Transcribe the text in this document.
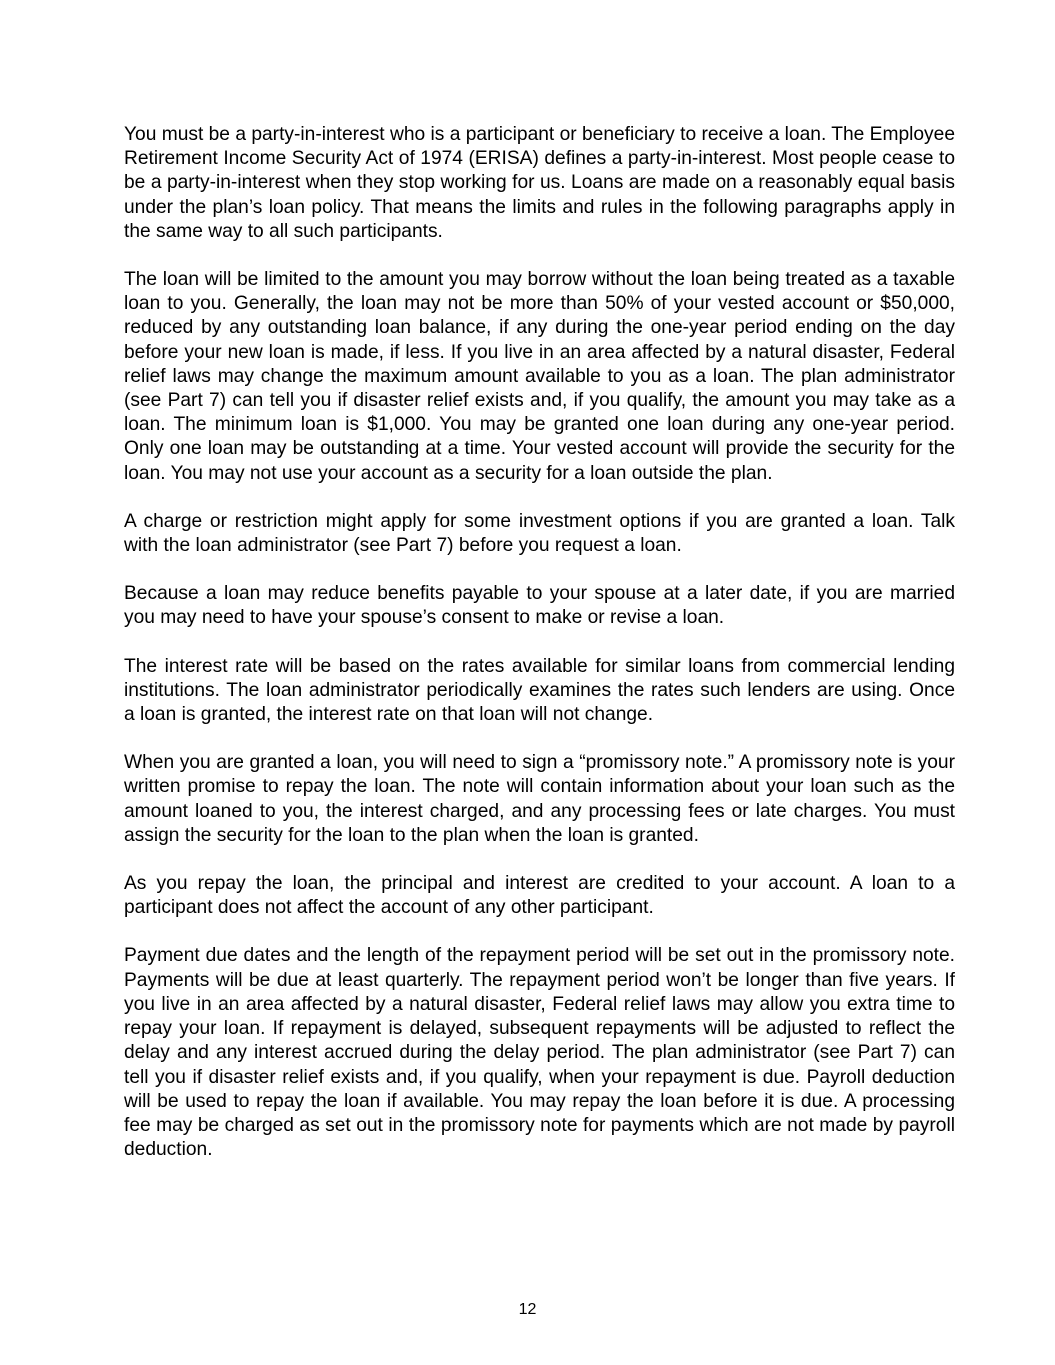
You must be a party-in-interest who is a participant or beneficiary to receive a loan. The Employee Retirement Income Security Act of 1974 (ERISA) defines a party-in-interest. Most people cease to be a party-in-interest when they stop working for us. Loans are made on a reasonably equal basis under the plan’s loan policy. That means the limits and rules in the following paragraphs apply in the same way to all such participants.

The loan will be limited to the amount you may borrow without the loan being treated as a taxable loan to you. Generally, the loan may not be more than 50% of your vested account or $50,000, reduced by any outstanding loan balance, if any during the one-year period ending on the day before your new loan is made, if less. If you live in an area affected by a natural disaster, Federal relief laws may change the maximum amount available to you as a loan. The plan administrator (see Part 7) can tell you if disaster relief exists and, if you qualify, the amount you may take as a loan. The minimum loan is $1,000. You may be granted one loan during any one-year period. Only one loan may be outstanding at a time. Your vested account will provide the security for the loan. You may not use your account as a security for a loan outside the plan.

A charge or restriction might apply for some investment options if you are granted a loan. Talk with the loan administrator (see Part 7) before you request a loan.

Because a loan may reduce benefits payable to your spouse at a later date, if you are married you may need to have your spouse’s consent to make or revise a loan.

The interest rate will be based on the rates available for similar loans from commercial lending institutions. The loan administrator periodically examines the rates such lenders are using. Once a loan is granted, the interest rate on that loan will not change.

When you are granted a loan, you will need to sign a “promissory note.” A promissory note is your written promise to repay the loan. The note will contain information about your loan such as the amount loaned to you, the interest charged, and any processing fees or late charges. You must assign the security for the loan to the plan when the loan is granted.

As you repay the loan, the principal and interest are credited to your account. A loan to a participant does not affect the account of any other participant.

Payment due dates and the length of the repayment period will be set out in the promissory note. Payments will be due at least quarterly. The repayment period won’t be longer than five years. If you live in an area affected by a natural disaster, Federal relief laws may allow you extra time to repay your loan. If repayment is delayed, subsequent repayments will be adjusted to reflect the delay and any interest accrued during the delay period. The plan administrator (see Part 7) can tell you if disaster relief exists and, if you qualify, when your repayment is due. Payroll deduction will be used to repay the loan if available. You may repay the loan before it is due. A processing fee may be charged as set out in the promissory note for payments which are not made by payroll deduction.

12
